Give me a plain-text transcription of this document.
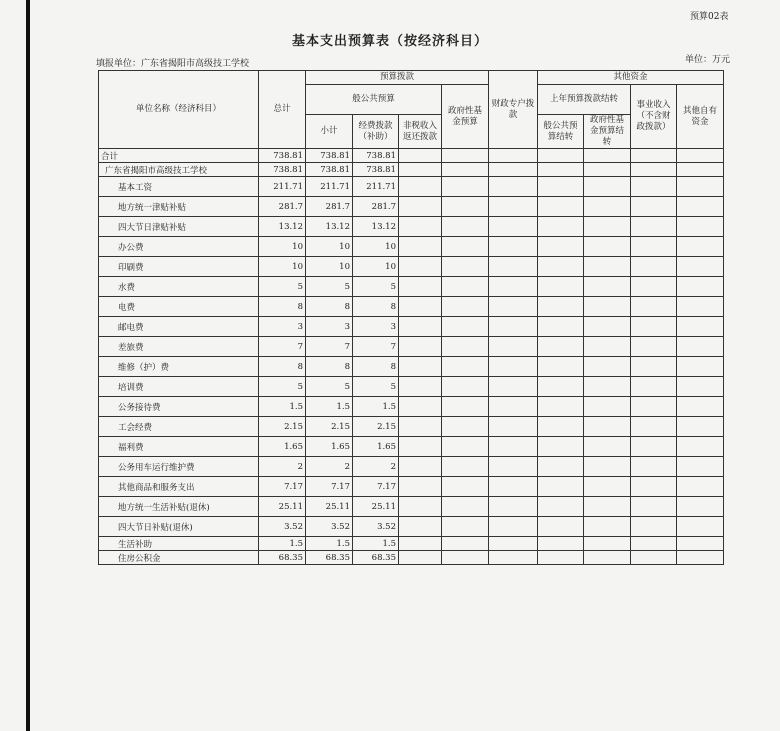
预算02表
基本支出预算表（按经济科目）
填报单位：广东省揭阳市高级技工学校	单位：万元
单位名称（经济科目）	总计	预算拨款				财政专户拨款	其他资金			
		般公共预算			政府性基金预算		上年预算拨款结转		事业收入（不含财政拨款）	其他自有资金
		小计	经费拨款（补助）	非税收入返还拨款			般公共预算结转	政府性基金预算结转		
合计	738.81	738.81	738.81							
广东省揭阳市高级技工学校	738.81	738.81	738.81							
基本工资	211.71	211.71	211.71							
地方统一津贴补贴	281.7	281.7	281.7							
四大节日津贴补贴	13.12	13.12	13.12							
办公费	10	10	10							
印刷费	10	10	10							
水费	5	5	5							
电费	8	8	8							
邮电费	3	3	3							
差旅费	7	7	7							
维修（护）费	8	8	8							
培训费	5	5	5							
公务接待费	1.5	1.5	1.5							
工会经费	2.15	2.15	2.15							
福利费	1.65	1.65	1.65							
公务用车运行维护费	2	2	2							
其他商品和服务支出	7.17	7.17	7.17							
地方统一生活补贴(退休)	25.11	25.11	25.11							
四大节日补贴(退休)	3.52	3.52	3.52							
生活补助	1.5	1.5	1.5							
住房公积金	68.35	68.35	68.35							
